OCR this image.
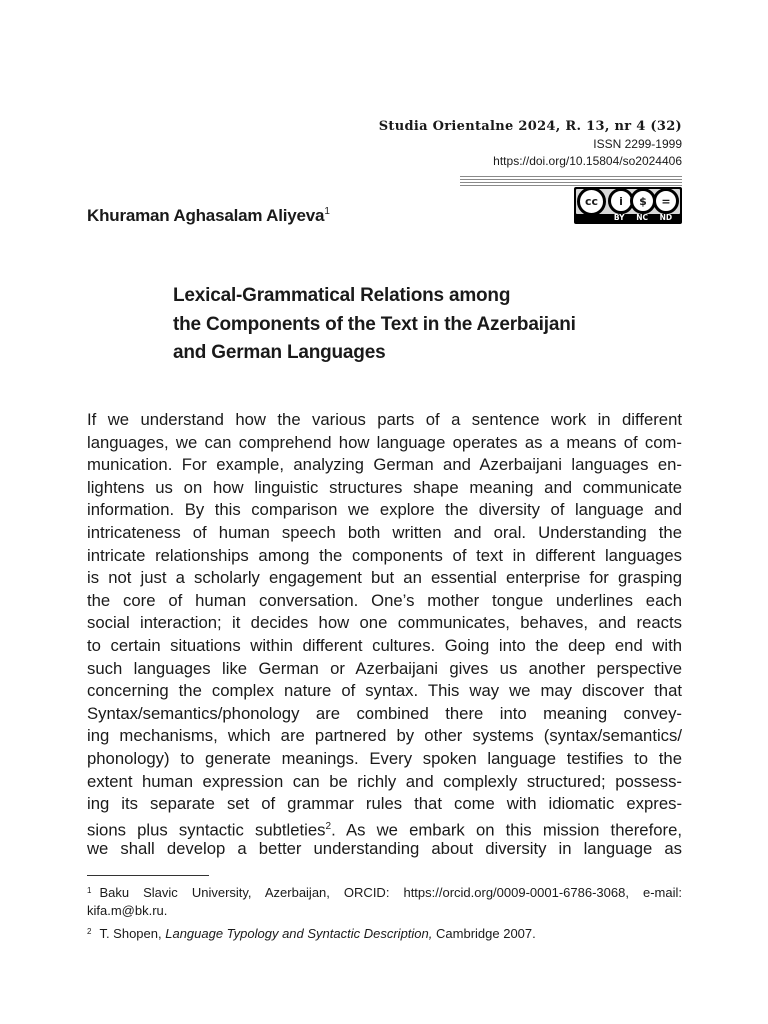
Studia Orientalne 2024, R. 13, nr 4 (32)
ISSN 2299-1999
https://doi.org/10.15804/so2024406
cc	i	$	=
BY NC ND
Khuraman Aghasalam Aliyeva$^1$
Lexical-Grammatical Relations among
the Components of the Text in the Azerbaijani
and German Languages
If we understand how the various parts of a sentence work in different
languages, we can comprehend how language operates as a means of com-
munication. For example, analyzing German and Azerbaijani languages en-
lightens us on how linguistic structures shape meaning and communicate
information. By this comparison we explore the diversity of language and
intricateness of human speech both written and oral. Understanding the
intricate relationships among the components of text in different languages
is not just a scholarly engagement but an essential enterprise for grasping
the core of human conversation. One’s mother tongue underlines each
social interaction; it decides how one communicates, behaves, and reacts
to certain situations within different cultures. Going into the deep end with
such languages like German or Azerbaijani gives us another perspective
concerning the complex nature of syntax. This way we may discover that
Syntax/semantics/phonology are combined there into meaning convey-
ing mechanisms, which are partnered by other systems (syntax/semantics/
phonology) to generate meanings. Every spoken language testifies to the
extent human expression can be richly and complexly structured; possess-
ing its separate set of grammar rules that come with idiomatic expres-
sions plus syntactic subtleties$^2$. As we embark on this mission therefore,
we shall develop a better understanding about diversity in language as
$^1$ Baku Slavic University, Azerbaijan, ORCID: https://orcid.org/0009-0001-6786-3068, e-mail:
kifa.m@bk.ru.
$^2$ T. Shopen, Language Typology and Syntactic Description, Cambridge 2007.
